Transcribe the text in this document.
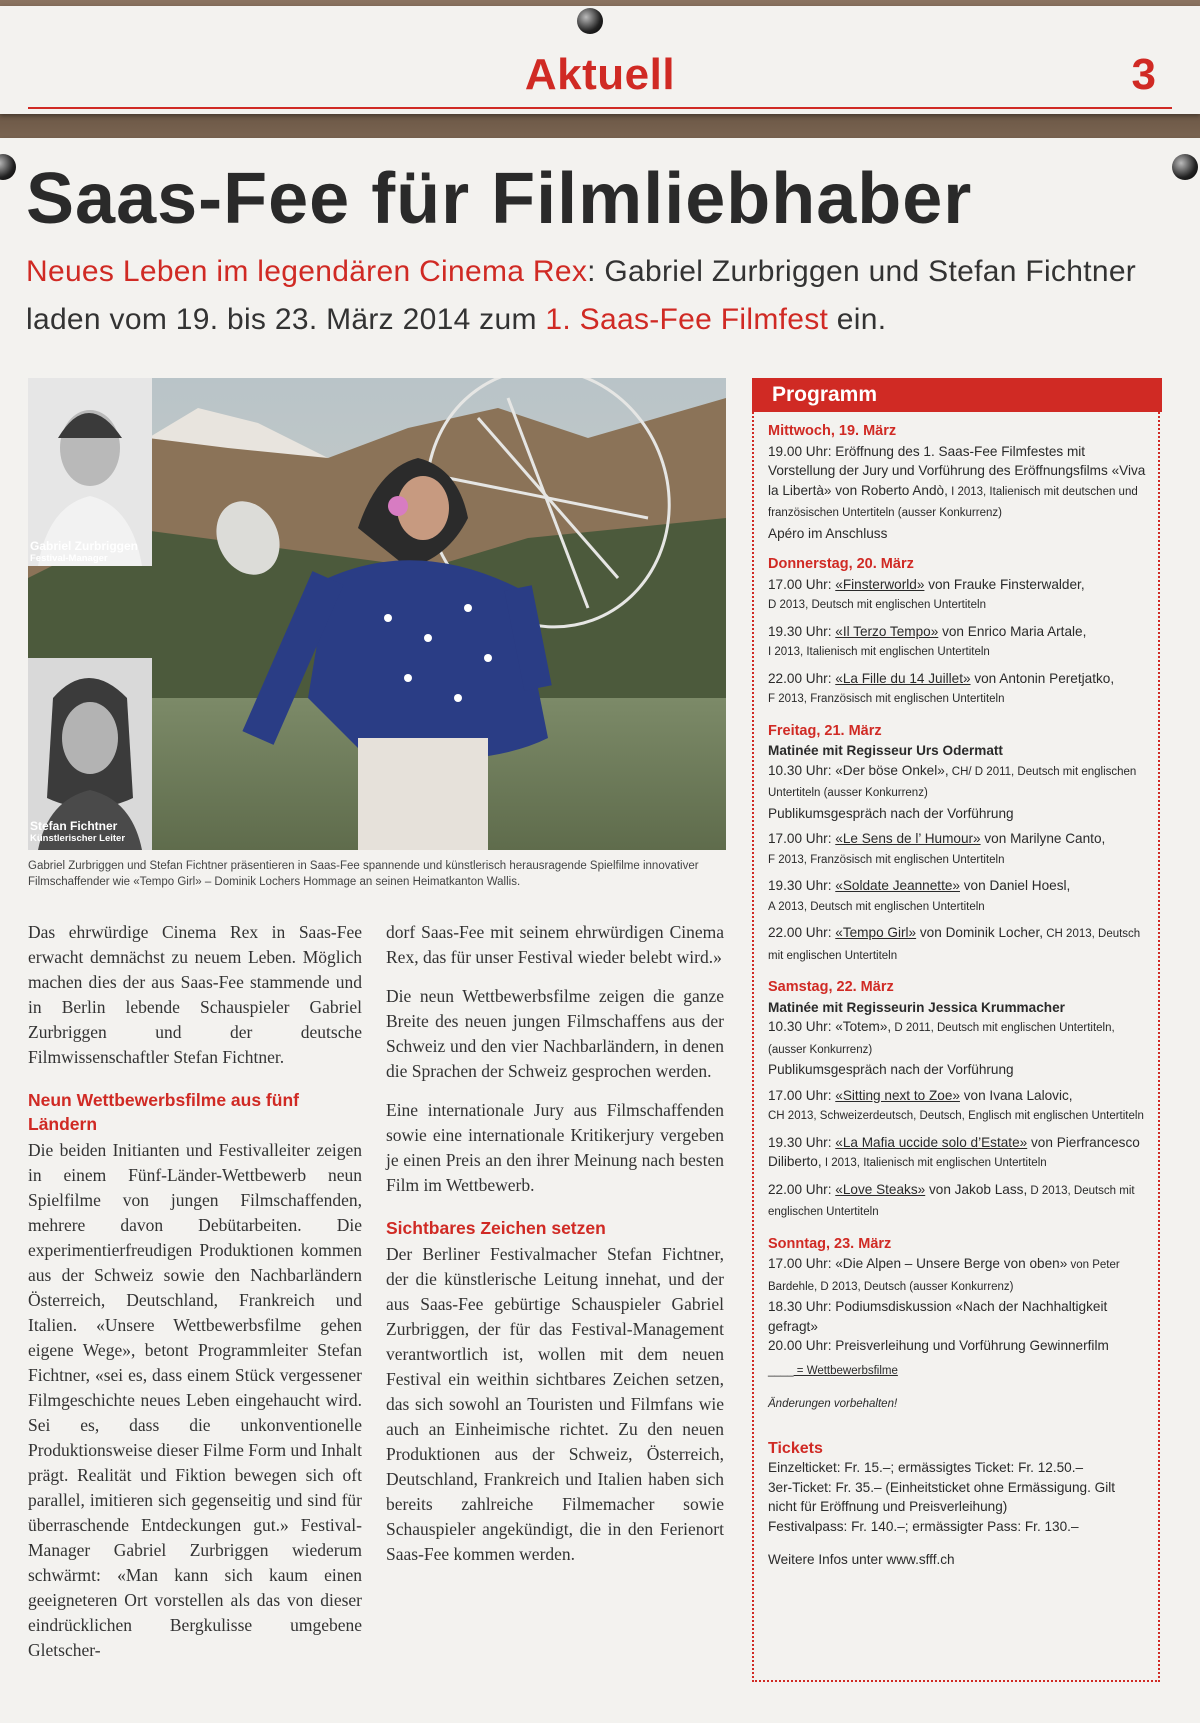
Aktuell	3
Saas-Fee für Filmliebhaber
Neues Leben im legendären Cinema Rex: Gabriel Zurbriggen und Stefan Fichtner laden vom 19. bis 23. März 2014 zum 1. Saas-Fee Filmfest ein.
Gabriel Zurbriggen
Festival-Manager
Stefan Fichtner
Künstlerischer Leiter
Gabriel Zurbriggen und Stefan Fichtner präsentieren in Saas-Fee spannende und künstlerisch herausragende Spielfilme innovativer Filmschaffender wie «Tempo Girl» – Dominik Lochers Hommage an seinen Heimatkanton Wallis.

Das ehrwürdige Cinema Rex in Saas-Fee erwacht demnächst zu neuem Leben. Möglich machen dies der aus Saas-Fee stammende und in Berlin lebende Schauspieler Gabriel Zurbriggen und der deutsche Filmwissenschaftler Stefan Fichtner.

Neun Wettbewerbsfilme aus fünf Ländern

Die beiden Initianten und Festivalleiter zeigen in einem Fünf-Länder-Wettbewerb neun Spielfilme von jungen Filmschaffenden, mehrere davon Debütarbeiten. Die experimentierfreudigen Produktionen kommen aus der Schweiz sowie den Nachbarländern Österreich, Deutschland, Frankreich und Italien. «Unsere Wettbewerbsfilme gehen eigene Wege», betont Programmleiter Stefan Fichtner, «sei es, dass einem Stück vergessener Filmgeschichte neues Leben eingehaucht wird. Sei es, dass die unkonventionelle Produktionsweise dieser Filme Form und Inhalt prägt. Realität und Fiktion bewegen sich oft parallel, imitieren sich gegenseitig und sind für überraschende Entdeckungen gut.» Festival-Manager Gabriel Zurbriggen wiederum schwärmt: «Man kann sich kaum einen geeigneteren Ort vorstellen als das von dieser eindrücklichen Bergkulisse umgebene Gletscher-

dorf Saas-Fee mit seinem ehrwürdigen Cinema Rex, das für unser Festival wieder belebt wird.»

Die neun Wettbewerbsfilme zeigen die ganze Breite des neuen jungen Filmschaffens aus der Schweiz und den vier Nachbarländern, in denen die Sprachen der Schweiz gesprochen werden.

Eine internationale Jury aus Filmschaffenden sowie eine internationale Kritikerjury vergeben je einen Preis an den ihrer Meinung nach besten Film im Wettbewerb.

Sichtbares Zeichen setzen

Der Berliner Festivalmacher Stefan Fichtner, der die künstlerische Leitung innehat, und der aus Saas-Fee gebürtige Schauspieler Gabriel Zurbriggen, der für das Festival-Management verantwortlich ist, wollen mit dem neuen Festival ein weithin sichtbares Zeichen setzen, das sich sowohl an Touristen und Filmfans wie auch an Einheimische richtet. Zu den neuen Produktionen aus der Schweiz, Österreich, Deutschland, Frankreich und Italien haben sich bereits zahlreiche Filmemacher sowie Schauspieler angekündigt, die in den Ferienort Saas-Fee kommen werden.

Programm
Mittwoch, 19. März
19.00 Uhr: Eröffnung des 1. Saas-Fee Filmfestes mit Vorstellung der Jury und Vorführung des Eröffnungsfilms «Viva la Libertà» von Roberto Andò, I 2013, Italienisch mit deutschen und französischen Untertiteln (ausser Konkurrenz)
Apéro im Anschluss
Donnerstag, 20. März
17.00 Uhr: «Finsterworld» von Frauke Finsterwalder,
D 2013, Deutsch mit englischen Untertiteln
19.30 Uhr: «Il Terzo Tempo» von Enrico Maria Artale,
I 2013, Italienisch mit englischen Untertiteln
22.00 Uhr: «La Fille du 14 Juillet» von Antonin Peretjatko,
F 2013, Französisch mit englischen Untertiteln
Freitag, 21. März
Matinée mit Regisseur Urs Odermatt
10.30 Uhr: «Der böse Onkel», CH/ D 2011, Deutsch mit englischen Untertiteln (ausser Konkurrenz)
Publikumsgespräch nach der Vorführung
17.00 Uhr: «Le Sens de l’ Humour» von Marilyne Canto,
F 2013, Französisch mit englischen Untertiteln
19.30 Uhr: «Soldate Jeannette» von Daniel Hoesl,
A 2013, Deutsch mit englischen Untertiteln
22.00 Uhr: «Tempo Girl» von Dominik Locher, CH 2013, Deutsch mit englischen Untertiteln
Samstag, 22. März
Matinée mit Regisseurin Jessica Krummacher
10.30 Uhr: «Totem», D 2011, Deutsch mit englischen Untertiteln, (ausser Konkurrenz)
Publikumsgespräch nach der Vorführung
17.00 Uhr: «Sitting next to Zoe» von Ivana Lalovic,
CH 2013, Schweizerdeutsch, Deutsch, Englisch mit englischen Untertiteln
19.30 Uhr: «La Mafia uccide solo d’Estate» von Pierfrancesco Diliberto, I 2013, Italienisch mit englischen Untertiteln
22.00 Uhr: «Love Steaks» von Jakob Lass, D 2013, Deutsch mit englischen Untertiteln
Sonntag, 23. März
17.00 Uhr: «Die Alpen – Unsere Berge von oben» von Peter Bardehle, D 2013, Deutsch (ausser Konkurrenz)
18.30 Uhr: Podiumsdiskussion «Nach der Nachhaltigkeit gefragt»
20.00 Uhr: Preisverleihung und Vorführung Gewinnerfilm
____ = Wettbewerbsfilme
Änderungen vorbehalten!
Tickets
Einzelticket: Fr. 15.–; ermässigtes Ticket: Fr. 12.50.–
3er-Ticket: Fr. 35.– (Einheitsticket ohne Ermässigung. Gilt nicht für Eröffnung und Preisverleihung)
Festivalpass: Fr. 140.–; ermässigter Pass: Fr. 130.–
Weitere Infos unter www.sfff.ch
